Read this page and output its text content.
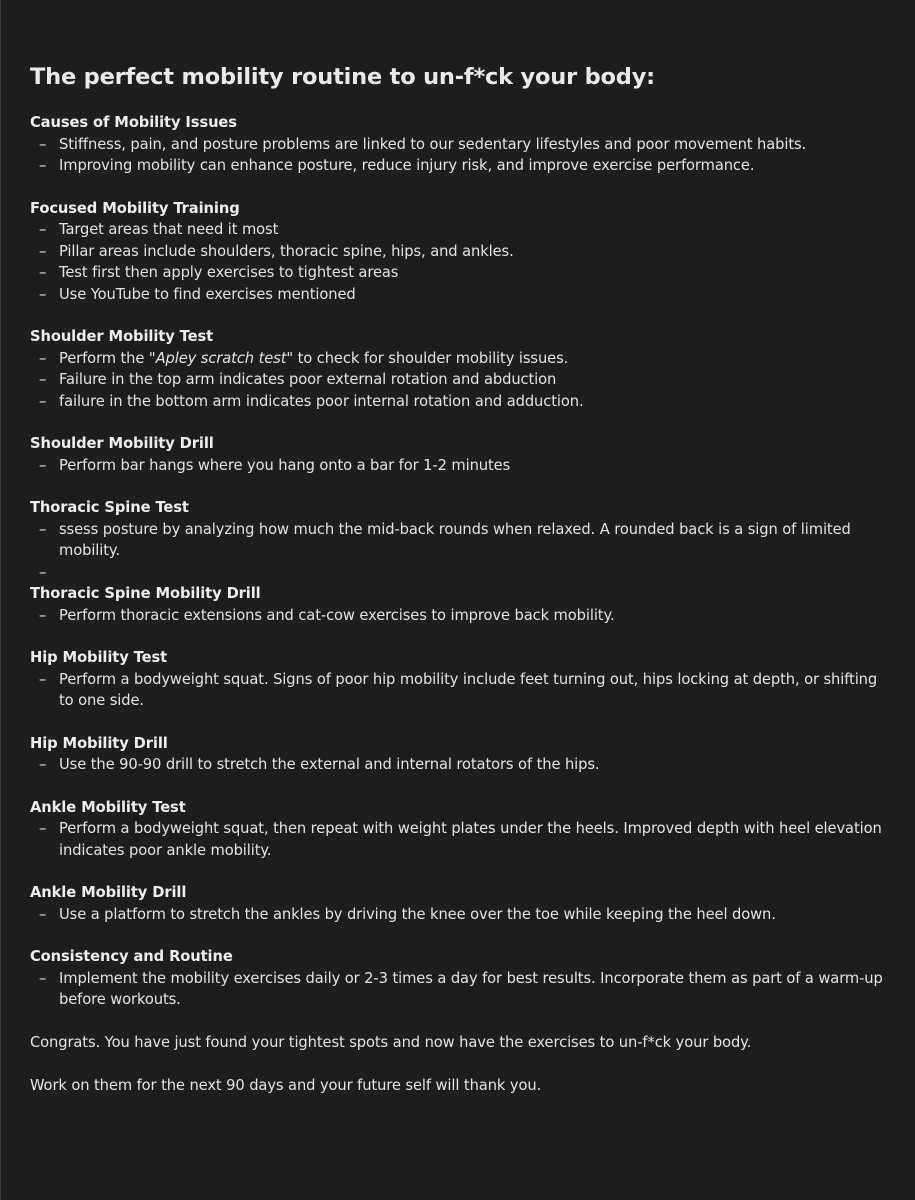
The perfect mobility routine to un-f*ck your body:
Causes of Mobility Issues
– Stiffness, pain, and posture problems are linked to our sedentary lifestyles and poor movement habits.
– Improving mobility can enhance posture, reduce injury risk, and improve exercise performance.
Focused Mobility Training
– Target areas that need it most
– Pillar areas include shoulders, thoracic spine, hips, and ankles.
– Test first then apply exercises to tightest areas
– Use YouTube to find exercises mentioned
Shoulder Mobility Test
– Perform the "Apley scratch test" to check for shoulder mobility issues.
– Failure in the top arm indicates poor external rotation and abduction
– failure in the bottom arm indicates poor internal rotation and adduction.
Shoulder Mobility Drill
– Perform bar hangs where you hang onto a bar for 1-2 minutes
Thoracic Spine Test
– ssess posture by analyzing how much the mid-back rounds when relaxed. A rounded back is a sign of limited mobility.
–
Thoracic Spine Mobility Drill
– Perform thoracic extensions and cat-cow exercises to improve back mobility.
Hip Mobility Test
– Perform a bodyweight squat. Signs of poor hip mobility include feet turning out, hips locking at depth, or shifting to one side.
Hip Mobility Drill
– Use the 90-90 drill to stretch the external and internal rotators of the hips.
Ankle Mobility Test
– Perform a bodyweight squat, then repeat with weight plates under the heels. Improved depth with heel elevation indicates poor ankle mobility.
Ankle Mobility Drill
– Use a platform to stretch the ankles by driving the knee over the toe while keeping the heel down.
Consistency and Routine
– Implement the mobility exercises daily or 2-3 times a day for best results. Incorporate them as part of a warm-up before workouts.

Congrats. You have just found your tightest spots and now have the exercises to un-f*ck your body.

Work on them for the next 90 days and your future self will thank you.
